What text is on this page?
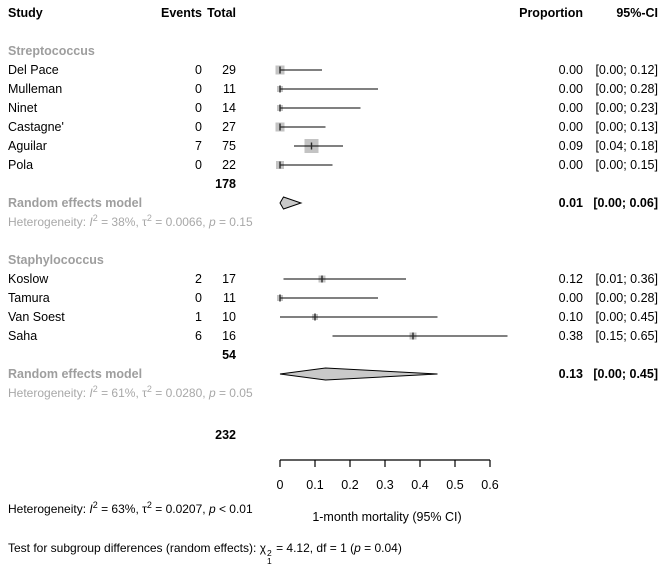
Study	Events Total	Proportion	95%-CI
Streptococcus
Del Pace	0	29	0.00 [0.00; 0.12]
Mulleman	0	11	0.00 [0.00; 0.28]
Ninet	0	14	0.00 [0.00; 0.23]
Castagne'	0	27	0.00 [0.00; 0.13]
Aguilar	7	75	0.09 [0.04; 0.18]
Pola	0	22	0.00 [0.00; 0.15]
178
Random effects model	0.01 [0.00; 0.06]
Heterogeneity: $I^2 = 38\%$, $\tau^2 = 0.0066$, p = 0.15
Staphylococcus
Koslow	2	17	0.12 [0.01; 0.36]
Tamura	0	11	0.00 [0.00; 0.28]
Van Soest	1	10	0.10 [0.00; 0.45]
Saha	6	16	0.38 [0.15; 0.65]
54
Random effects model	0.13 [0.00; 0.45]
Heterogeneity: $I^2 = 61\%$, $\tau^2 = 0.0280$, p = 0.05
232
0	0.1	0.2	0.3	0.4	0.5	0.6
1-month mortality (95% CI)
Heterogeneity: $I^2 = 63\%$, $\tau^2 = 0.0207$, p < 0.01
Test for subgroup differences (random effects): χ 2
1
= 4.12, df = 1 (p = 0.04)
